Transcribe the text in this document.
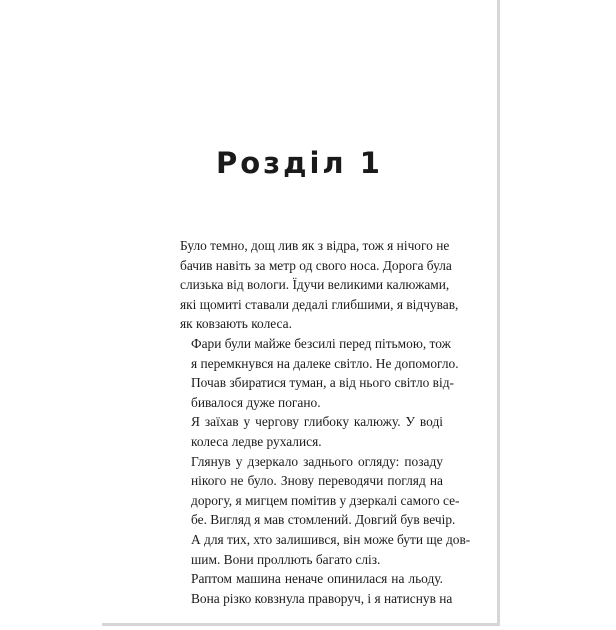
Розділ 1

Було темно, дощ лив як з відра, тож я нічого не
бачив навіть за метр од свого носа. Дорога була
слизька від вологи. Їдучи великими калюжами,
які щомиті ставали дедалі глибшими, я відчував,
як ковзають колеса.

Фари були майже безсилі перед пітьмою, тож
я перемкнувся на далеке світло. Не допомогло.
Почав збиратися туман, а від нього світло від-
бивалося дуже погано.

Я заїхав у чергову глибоку калюжу. У воді
колеса ледве рухалися.

Глянув у дзеркало заднього огляду: позаду
нікого не було. Знову переводячи погляд на
дорогу, я мигцем помітив у дзеркалі самого се-
бе. Вигляд я мав стомлений. Довгий був вечір.
А для тих, хто залишився, він може бути ще дов-
шим. Вони проллють багато сліз.

Раптом машина неначе опинилася на льоду.
Вона різко ковзнула праворуч, і я натиснув на
